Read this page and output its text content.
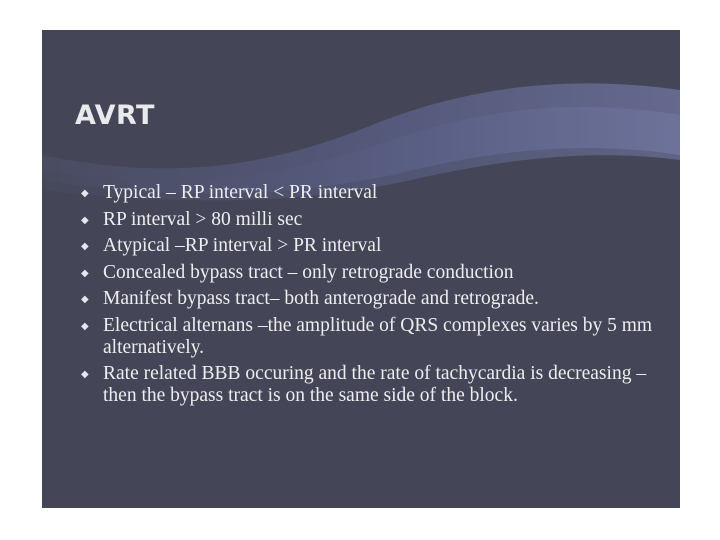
AVRT
◆ Typical – RP interval < PR interval
◆ RP interval > 80 milli sec
◆ Atypical –RP interval > PR interval
◆ Concealed bypass tract – only retrograde conduction
◆ Manifest bypass tract– both anterograde and retrograde.
◆ Electrical alternans –the amplitude of QRS complexes varies by 5 mm alternatively.
◆ Rate related BBB occuring and the rate of tachycardia is decreasing –then the bypass tract is on the same side of the block.
